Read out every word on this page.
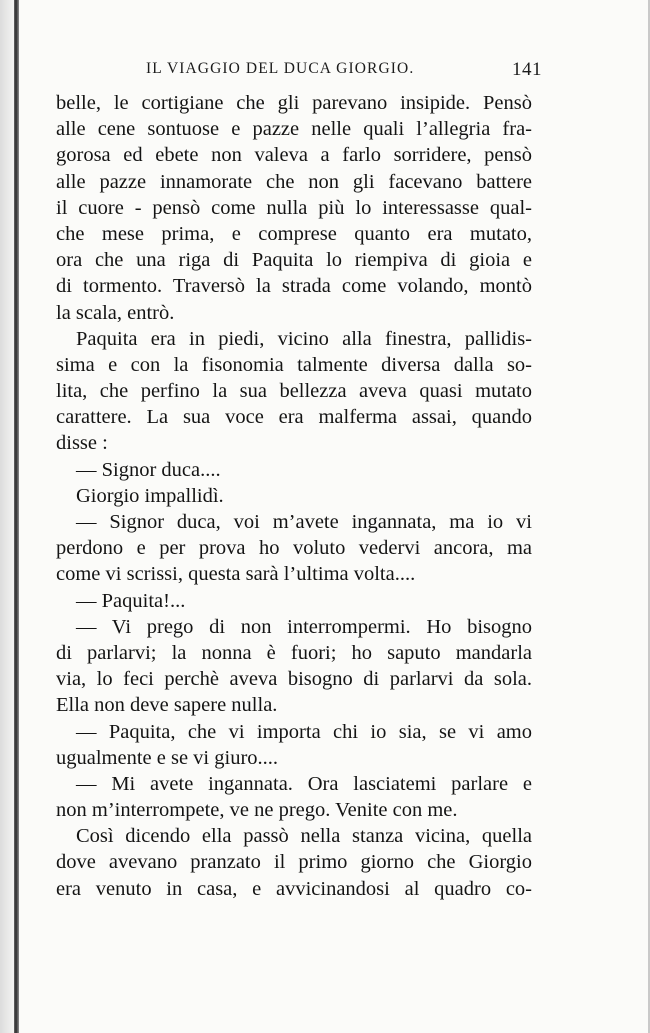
IL VIAGGIO DEL DUCA GIORGIO.	141
belle, le cortigiane che gli parevano insipide. Pensò
alle cene sontuose e pazze nelle quali l’allegria fra-
gorosa ed ebete non valeva a farlo sorridere, pensò
alle pazze innamorate che non gli facevano battere
il cuore - pensò come nulla più lo interessasse qual-
che mese prima, e comprese quanto era mutato,
ora che una riga di Paquita lo riempiva di gioia e
di tormento. Traversò la strada come volando, montò
la scala, entrò.
Paquita era in piedi, vicino alla finestra, pallidis-
sima e con la fisonomia talmente diversa dalla so-
lita, che perfino la sua bellezza aveva quasi mutato
carattere. La sua voce era malferma assai, quando
disse :
— Signor duca....
Giorgio impallidì.
— Signor duca, voi m’avete ingannata, ma io vi
perdono e per prova ho voluto vedervi ancora, ma
come vi scrissi, questa sarà l’ultima volta....
— Paquita!...
— Vi prego di non interrompermi. Ho bisogno
di parlarvi; la nonna è fuori; ho saputo mandarla
via, lo feci perchè aveva bisogno di parlarvi da sola.
Ella non deve sapere nulla.
— Paquita, che vi importa chi io sia, se vi amo
ugualmente e se vi giuro....
— Mi avete ingannata. Ora lasciatemi parlare e
non m’interrompete, ve ne prego. Venite con me.
Così dicendo ella passò nella stanza vicina, quella
dove avevano pranzato il primo giorno che Giorgio
era venuto in casa, e avvicinandosi al quadro co-
